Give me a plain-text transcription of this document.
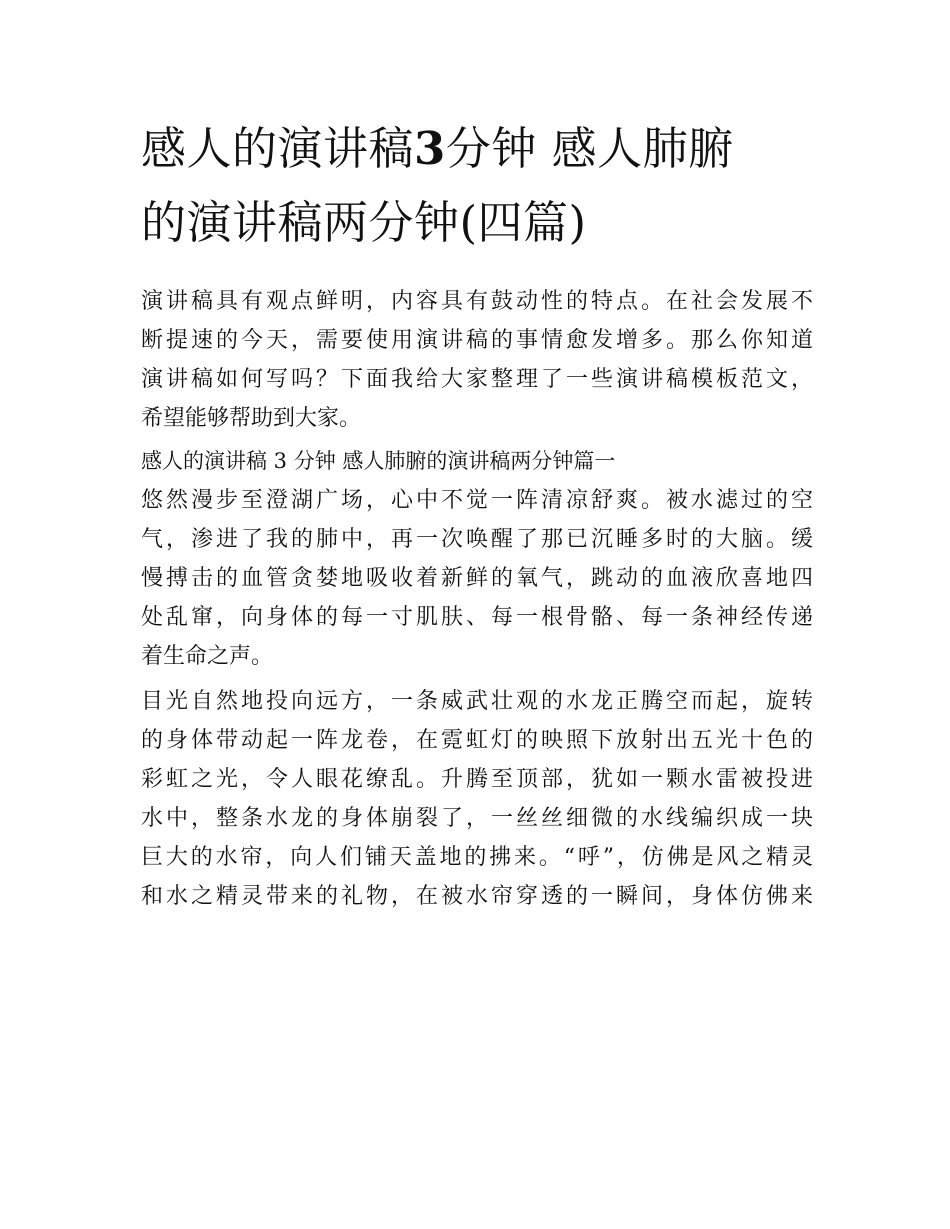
感人的演讲稿3分钟 感人肺腑
的演讲稿两分钟(四篇)
演讲稿具有观点鲜明，内容具有鼓动性的特点。在社会发展不
断提速的今天，需要使用演讲稿的事情愈发增多。那么你知道
演讲稿如何写吗？下面我给大家整理了一些演讲稿模板范文，
希望能够帮助到大家。
感人的演讲稿 3 分钟 感人肺腑的演讲稿两分钟篇一
悠然漫步至澄湖广场，心中不觉一阵清凉舒爽。被水滤过的空
气，渗进了我的肺中，再一次唤醒了那已沉睡多时的大脑。缓
慢搏击的血管贪婪地吸收着新鲜的氧气，跳动的血液欣喜地四
处乱窜，向身体的每一寸肌肤、每一根骨骼、每一条神经传递
着生命之声。
目光自然地投向远方，一条威武壮观的水龙正腾空而起，旋转
的身体带动起一阵龙卷，在霓虹灯的映照下放射出五光十色的
彩虹之光，令人眼花缭乱。升腾至顶部，犹如一颗水雷被投进
水中，整条水龙的身体崩裂了，一丝丝细微的水线编织成一块
巨大的水帘，向人们铺天盖地的拂来。“呼”，仿佛是风之精灵
和水之精灵带来的礼物，在被水帘穿透的一瞬间，身体仿佛来
